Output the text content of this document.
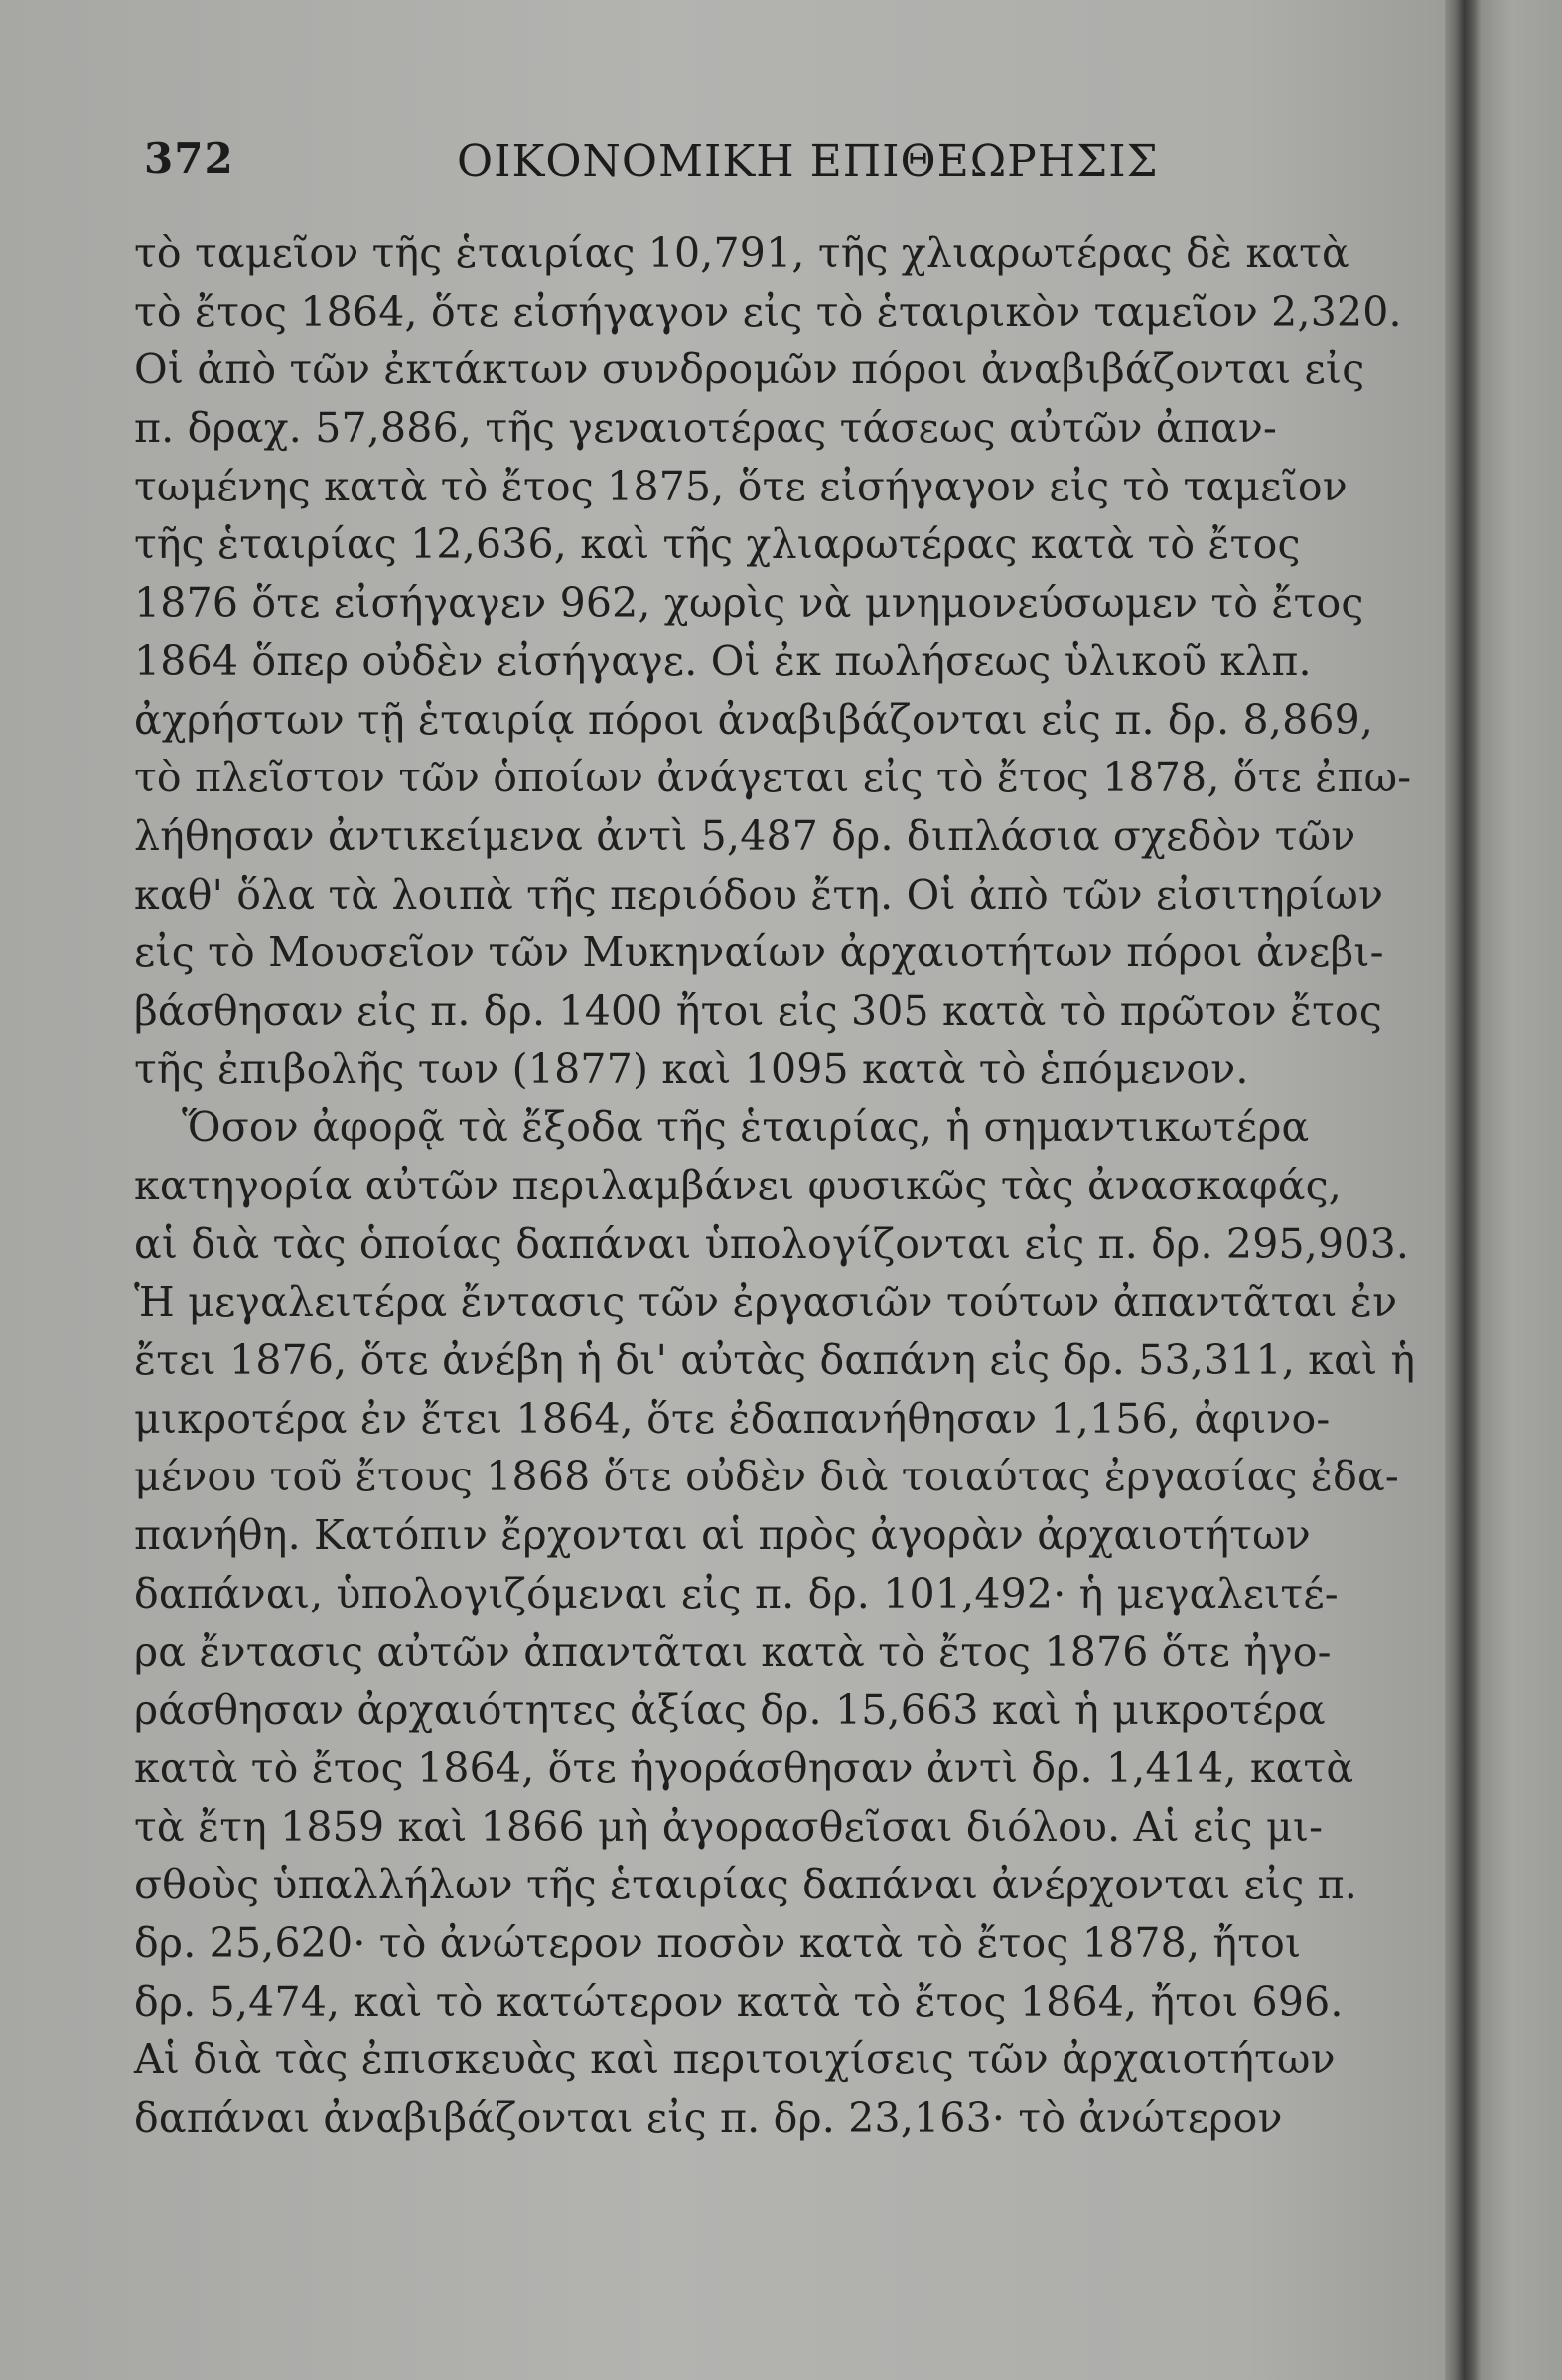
372	ΟΙΚΟΝΟΜΙΚΗ ΕΠΙΘΕΩΡΗΣΙΣ
τὸ ταμεῖον τῆς ἑταιρίας 10,791, τῆς χλιαρωτέρας δὲ κατὰ
τὸ ἔτος 1864, ὅτε εἰσήγαγον εἰς τὸ ἑταιρικὸν ταμεῖον 2,320.
Οἱ ἀπὸ τῶν ἐκτάκτων συνδρομῶν πόροι ἀναβιβάζονται εἰς
π. δραχ. 57,886, τῆς γεναιοτέρας τάσεως αὐτῶν ἀπαν-
τωμένης κατὰ τὸ ἔτος 1875, ὅτε εἰσήγαγον εἰς τὸ ταμεῖον
τῆς ἑταιρίας 12,636, καὶ τῆς χλιαρωτέρας κατὰ τὸ ἔτος
1876 ὅτε εἰσήγαγεν 962, χωρὶς νὰ μνημονεύσωμεν τὸ ἔτος
1864 ὅπερ οὐδὲν εἰσήγαγε. Οἱ ἐκ πωλήσεως ὑλικοῦ κλπ.
ἀχρήστων τῇ ἑταιρίᾳ πόροι ἀναβιβάζονται εἰς π. δρ. 8,869,
τὸ πλεῖστον τῶν ὁποίων ἀνάγεται εἰς τὸ ἔτος 1878, ὅτε ἐπω-
λήθησαν ἀντικείμενα ἀντὶ 5,487 δρ. διπλάσια σχεδὸν τῶν
καθ' ὅλα τὰ λοιπὰ τῆς περιόδου ἔτη. Οἱ ἀπὸ τῶν εἰσιτηρίων
εἰς τὸ Μουσεῖον τῶν Μυκηναίων ἀρχαιοτήτων πόροι ἀνεβι-
βάσθησαν εἰς π. δρ. 1400 ἤτοι εἰς 305 κατὰ τὸ πρῶτον ἔτος
τῆς ἐπιβολῆς των (1877) καὶ 1095 κατὰ τὸ ἑπόμενον.
Ὅσον ἀφορᾷ τὰ ἔξοδα τῆς ἑταιρίας, ἡ σημαντικωτέρα
κατηγορία αὐτῶν περιλαμβάνει φυσικῶς τὰς ἀνασκαφάς,
αἱ διὰ τὰς ὁποίας δαπάναι ὑπολογίζονται εἰς π. δρ. 295,903.
Ἡ μεγαλειτέρα ἔντασις τῶν ἐργασιῶν τούτων ἀπαντᾶται ἐν
ἔτει 1876, ὅτε ἀνέβη ἡ δι' αὐτὰς δαπάνη εἰς δρ. 53,311, καὶ ἡ
μικροτέρα ἐν ἔτει 1864, ὅτε ἐδαπανήθησαν 1,156, ἀφινο-
μένου τοῦ ἔτους 1868 ὅτε οὐδὲν διὰ τοιαύτας ἐργασίας ἐδα-
πανήθη. Κατόπιν ἔρχονται αἱ πρὸς ἀγορὰν ἀρχαιοτήτων
δαπάναι, ὑπολογιζόμεναι εἰς π. δρ. 101,492· ἡ μεγαλειτέ-
ρα ἔντασις αὐτῶν ἀπαντᾶται κατὰ τὸ ἔτος 1876 ὅτε ἠγο-
ράσθησαν ἀρχαιότητες ἀξίας δρ. 15,663 καὶ ἡ μικροτέρα
κατὰ τὸ ἔτος 1864, ὅτε ἠγοράσθησαν ἀντὶ δρ. 1,414, κατὰ
τὰ ἔτη 1859 καὶ 1866 μὴ ἀγορασθεῖσαι διόλου. Αἱ εἰς μι-
σθοὺς ὑπαλλήλων τῆς ἑταιρίας δαπάναι ἀνέρχονται εἰς π.
δρ. 25,620· τὸ ἀνώτερον ποσὸν κατὰ τὸ ἔτος 1878, ἤτοι
δρ. 5,474, καὶ τὸ κατώτερον κατὰ τὸ ἔτος 1864, ἤτοι 696.
Αἱ διὰ τὰς ἐπισκευὰς καὶ περιτοιχίσεις τῶν ἀρχαιοτήτων
δαπάναι ἀναβιβάζονται εἰς π. δρ. 23,163· τὸ ἀνώτερον
